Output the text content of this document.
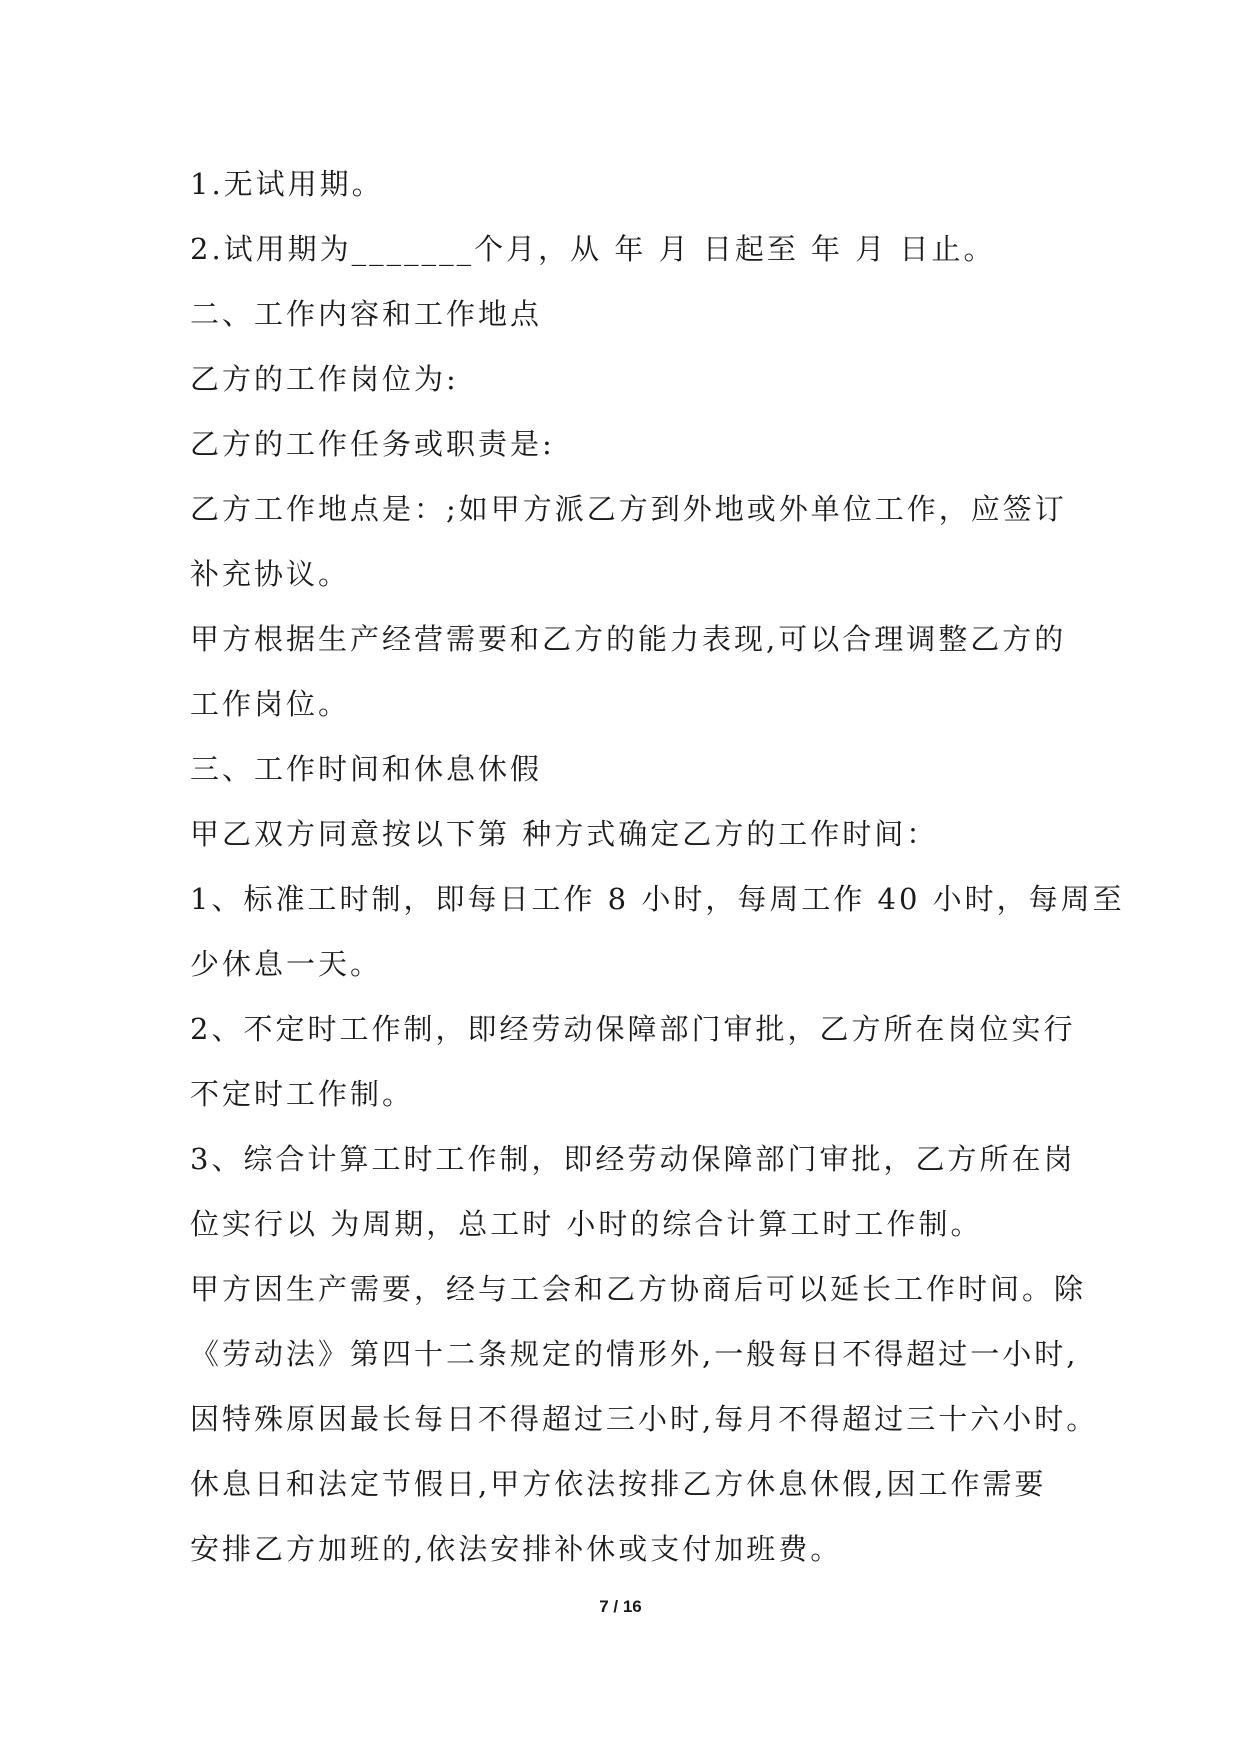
1.无试用期。
2.试用期为_______个月，从 年 月 日起至 年 月 日止。
二、工作内容和工作地点
乙方的工作岗位为:
乙方的工作任务或职责是:
乙方工作地点是：;如甲方派乙方到外地或外单位工作，应签订
补充协议。
甲方根据生产经营需要和乙方的能力表现,可以合理调整乙方的
工作岗位。
三、工作时间和休息休假
甲乙双方同意按以下第 种方式确定乙方的工作时间：
1、标准工时制，即每日工作 8 小时，每周工作 40 小时，每周至
少休息一天。
2、不定时工作制，即经劳动保障部门审批，乙方所在岗位实行
不定时工作制。
3、综合计算工时工作制，即经劳动保障部门审批，乙方所在岗
位实行以 为周期，总工时 小时的综合计算工时工作制。
甲方因生产需要，经与工会和乙方协商后可以延长工作时间。除
《劳动法》第四十二条规定的情形外,一般每日不得超过一小时,
因特殊原因最长每日不得超过三小时,每月不得超过三十六小时。
休息日和法定节假日,甲方依法按排乙方休息休假,因工作需要
安排乙方加班的,依法安排补休或支付加班费。
7 / 16
